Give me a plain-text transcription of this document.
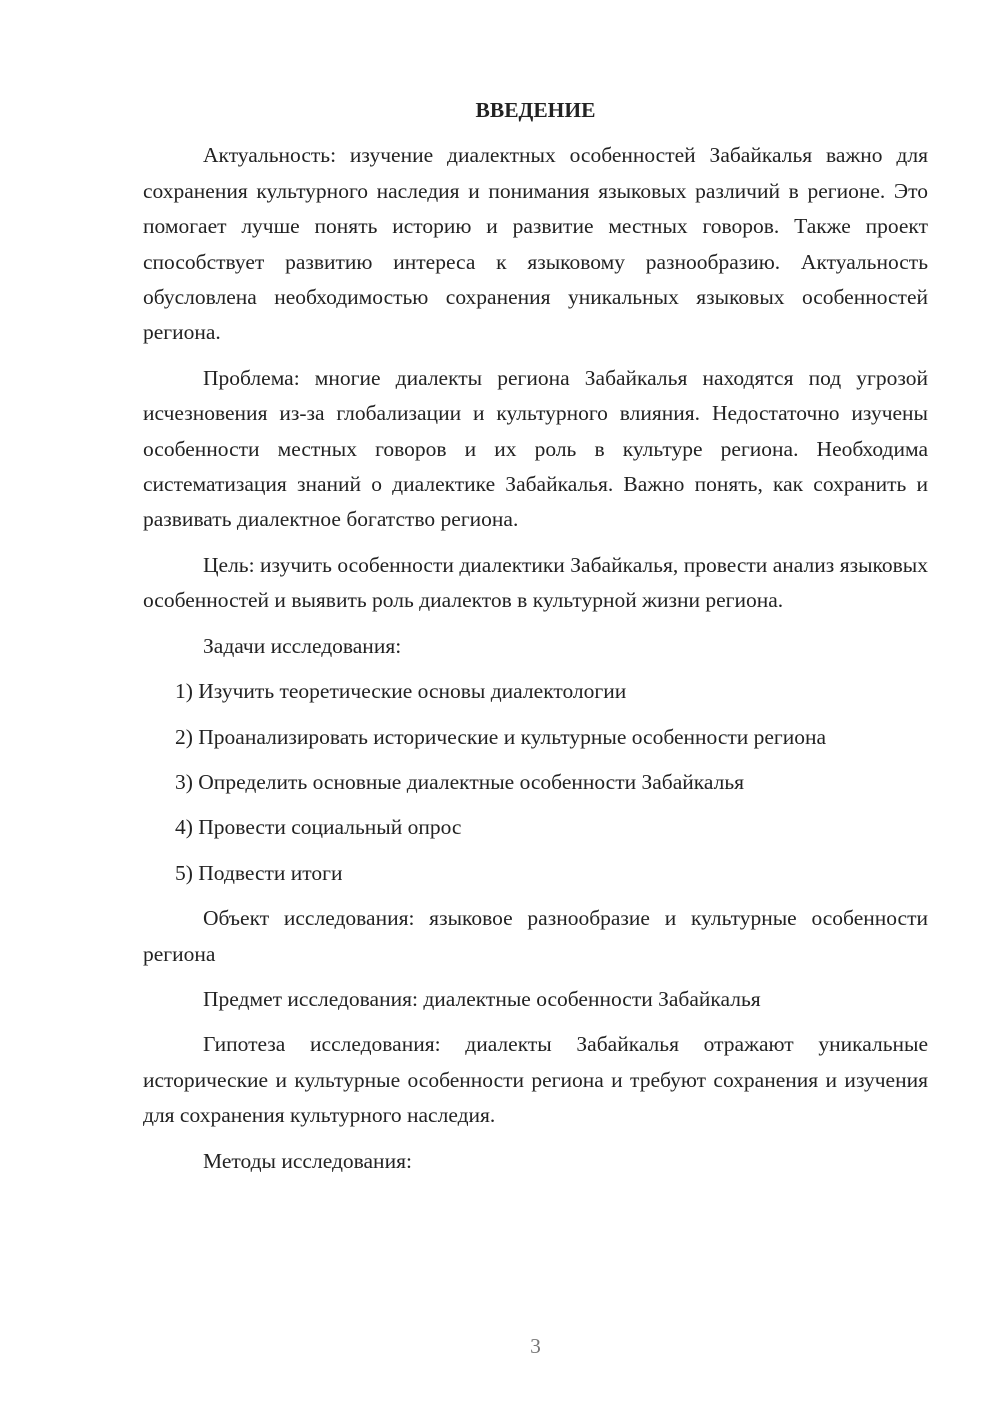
ВВЕДЕНИЕ

Актуальность: изучение диалектных особенностей Забайкалья важно для сохранения культурного наследия и понимания языковых различий в регионе. Это помогает лучше понять историю и развитие местных говоров. Также проект способствует развитию интереса к языковому разнообразию. Актуальность обусловлена необходимостью сохранения уникальных языковых особенностей региона.

Проблема: многие диалекты региона Забайкалья находятся под угрозой исчезновения из-за глобализации и культурного влияния. Недостаточно изучены особенности местных говоров и их роль в культуре региона. Необходима систематизация знаний о диалектике Забайкалья. Важно понять, как сохранить и развивать диалектное богатство региона.

Цель: изучить особенности диалектики Забайкалья, провести анализ языковых особенностей и выявить роль диалектов в культурной жизни региона.

Задачи исследования:

1) Изучить теоретические основы диалектологии

2) Проанализировать исторические и культурные особенности региона

3) Определить основные диалектные особенности Забайкалья

4) Провести социальный опрос

5) Подвести итоги

Объект исследования: языковое разнообразие и культурные особенности региона

Предмет исследования: диалектные особенности Забайкалья

Гипотеза исследования: диалекты Забайкалья отражают уникальные исторические и культурные особенности региона и требуют сохранения и изучения для сохранения культурного наследия.

Методы исследования:

3
